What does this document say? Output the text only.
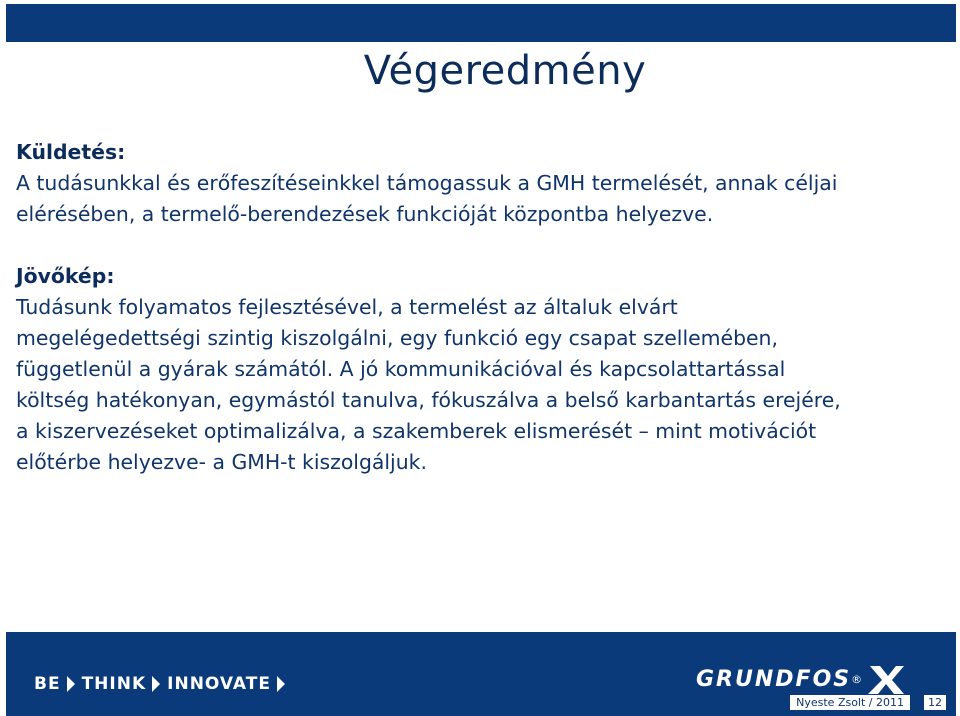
Végeredmény
Küldetés:
A tudásunkkal és erőfeszítéseinkkel támogassuk a GMH termelését, annak céljai
elérésében, a termelő-berendezések funkcióját központba helyezve.
Jövőkép:
Tudásunk folyamatos fejlesztésével, a termelést az általuk elvárt
megelégedettségi szintig kiszolgálni, egy funkció egy csapat szellemében,
függetlenül a gyárak számától. A jó kommunikációval és kapcsolattartással
költség hatékonyan, egymástól tanulva, fókuszálva a belső karbantartás erejére,
a kiszervezéseket optimalizálva, a szakemberek elismerését – mint motivációt
előtérbe helyezve- a GMH-t kiszolgáljuk.
BE THINK INNOVATE	GRUNDFOS ®
Nyeste Zsolt / 2011	12
